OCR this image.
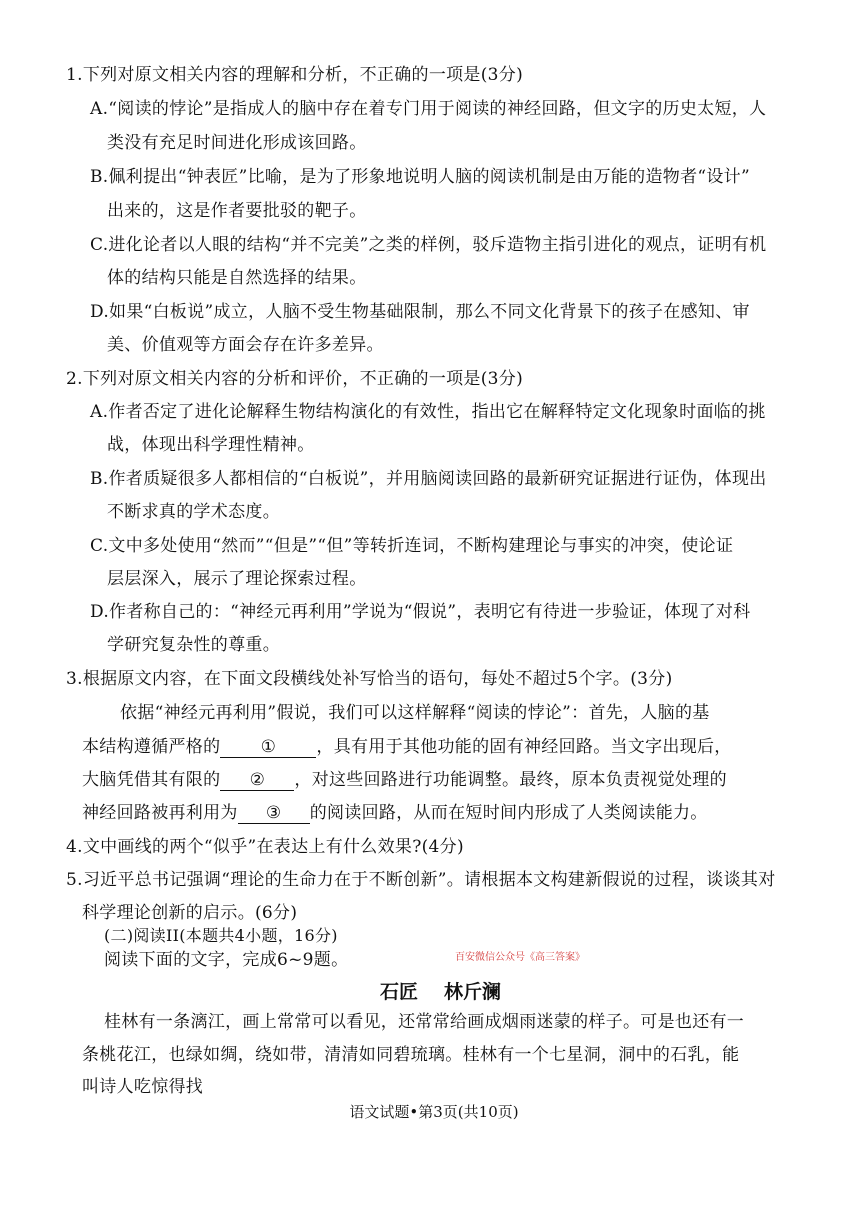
1.下列对原文相关内容的理解和分析，不正确的一项是(3分)
A.“阅读的悖论”是指成人的脑中存在着专门用于阅读的神经回路，但文字的历史太短，人
类没有充足时间进化形成该回路。
B.佩利提出“钟表匠”比喻，是为了形象地说明人脑的阅读机制是由万能的造物者“设计”
出来的，这是作者要批驳的靶子。
C.进化论者以人眼的结构“并不完美”之类的样例，驳斥造物主指引进化的观点，证明有机
体的结构只能是自然选择的结果。
D.如果“白板说”成立，人脑不受生物基础限制，那么不同文化背景下的孩子在感知、审
美、价值观等方面会存在许多差异。
2.下列对原文相关内容的分析和评价，不正确的一项是(3分)
A.作者否定了进化论解释生物结构演化的有效性，指出它在解释特定文化现象时面临的挑
战，体现出科学理性精神。
B.作者质疑很多人都相信的“白板说”，并用脑阅读回路的最新研究证据进行证伪，体现出
不断求真的学术态度。
C.文中多处使用“然而”“但是”“但”等转折连词，不断构建理论与事实的冲突，使论证
层层深入，展示了理论探索过程。
D.作者称自己的：“神经元再利用”学说为“假说”，表明它有待进一步验证，体现了对科
学研究复杂性的尊重。
3.根据原文内容，在下面文段横线处补写恰当的语句，每处不超过5个字。(3分)
依据“神经元再利用”假说，我们可以这样解释“阅读的悖论”：首先，人脑的基
本结构遵循严格的 ① ，具有用于其他功能的固有神经回路。当文字出现后，
大脑凭借其有限的 ② ，对这些回路进行功能调整。最终，原本负责视觉处理的
神经回路被再利用为 ③ 的阅读回路，从而在短时间内形成了人类阅读能力。
4.文中画线的两个“似乎”在表达上有什么效果?(4分)
5.习近平总书记强调“理论的生命力在于不断创新”。请根据本文构建新假说的过程，谈谈其对
科学理论创新的启示。(6分)
(二)阅读II(本题共4小题，16分)
阅读下面的文字，完成6~9题。	百安微信公众号《高三答案》
石匠 林斤澜
桂林有一条漓江，画上常常可以看见，还常常给画成烟雨迷蒙的样子。可是也还有一
条桃花江，也绿如绸，绕如带，清清如同碧琉璃。桂林有一个七星洞，洞中的石乳，能
叫诗人吃惊得找
语文试题•第3页(共10页)
